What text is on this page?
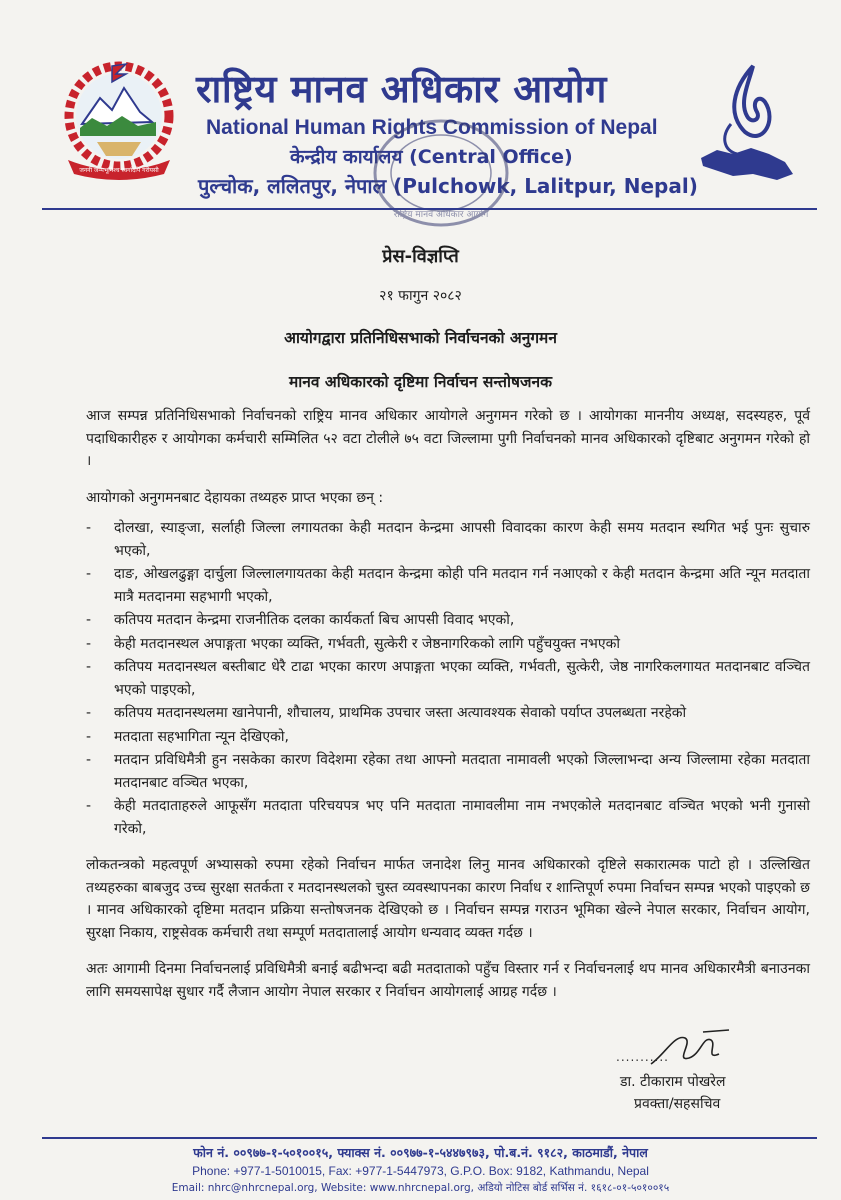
जननी जन्मभूमिश्च स्वर्गादपि गरीयसी
राष्ट्रिय मानव अधिकार आयोग
National Human Rights Commission of Nepal
केन्द्रीय कार्यालय (Central Office)
पुल्चोक, ललितपुर, नेपाल (Pulchowk, Lalitpur, Nepal)
राष्ट्रिय मानव अधिकार आयोग
प्रेस-विज्ञप्ति
२१ फागुन २०८२
आयोगद्वारा प्रतिनिधिसभाको निर्वाचनको अनुगमन
मानव अधिकारको दृष्टिमा निर्वाचन सन्तोषजनक

आज सम्पन्न प्रतिनिधिसभाको निर्वाचनको राष्ट्रिय मानव अधिकार आयोगले अनुगमन गरेको छ । आयोगका माननीय अध्यक्ष, सदस्यहरु, पूर्व पदाधिकारीहरु र आयोगका कर्मचारी सम्मिलित ५२ वटा टोलीले ७५ वटा जिल्लामा पुगी निर्वाचनको मानव अधिकारको दृष्टिबाट अनुगमन गरेको हो ।

आयोगको अनुगमनबाट देहायका तथ्यहरु प्राप्त भएका छन् :

- दोलखा, स्याङ्जा, सर्लाही जिल्ला लगायतका केही मतदान केन्द्रमा आपसी विवादका कारण केही समय मतदान स्थगित भई पुनः सुचारु भएको,
- दाङ, ओखलढुङ्गा दार्चुला जिल्लालगायतका केही मतदान केन्द्रमा कोही पनि मतदान गर्न नआएको र केही मतदान केन्द्रमा अति न्यून मतदाता मात्रै मतदानमा सहभागी भएको,
- कतिपय मतदान केन्द्रमा राजनीतिक दलका कार्यकर्ता बिच आपसी विवाद भएको,
- केही मतदानस्थल अपाङ्गता भएका व्यक्ति, गर्भवती, सुत्केरी र जेष्ठनागरिकको लागि पहुँचयुक्त नभएको
- कतिपय मतदानस्थल बस्तीबाट धेरै टाढा भएका कारण अपाङ्गता भएका व्यक्ति, गर्भवती, सुत्केरी, जेष्ठ नागरिकलगायत मतदानबाट वञ्चित भएको पाइएको,
- कतिपय मतदानस्थलमा खानेपानी, शौचालय, प्राथमिक उपचार जस्ता अत्यावश्यक सेवाको पर्याप्त उपलब्धता नरहेको
- मतदाता सहभागिता न्यून देखिएको,
- मतदान प्रविधिमैत्री हुन नसकेका कारण विदेशमा रहेका तथा आफ्नो मतदाता नामावली भएको जिल्लाभन्दा अन्य जिल्लामा रहेका मतदाता मतदानबाट वञ्चित भएका,
- केही मतदाताहरुले आफूसँग मतदाता परिचयपत्र भए पनि मतदाता नामावलीमा नाम नभएकोले मतदानबाट वञ्चित भएको भनी गुनासो गरेको,

लोकतन्त्रको महत्वपूर्ण अभ्यासको रुपमा रहेको निर्वाचन मार्फत जनादेश लिनु मानव अधिकारको दृष्टिले सकारात्मक पाटो हो । उल्लिखित तथ्यहरुका बाबजुद उच्च सुरक्षा सतर्कता र मतदानस्थलको चुस्त व्यवस्थापनका कारण निर्वाध र शान्तिपूर्ण रुपमा निर्वाचन सम्पन्न भएको पाइएको छ । मानव अधिकारको दृष्टिमा मतदान प्रक्रिया सन्तोषजनक देखिएको छ । निर्वाचन सम्पन्न गराउन भूमिका खेल्ने नेपाल सरकार, निर्वाचन आयोग, सुरक्षा निकाय, राष्ट्रसेवक कर्मचारी तथा सम्पूर्ण मतदातालाई आयोग धन्यवाद व्यक्त गर्दछ ।

अतः आगामी दिनमा निर्वाचनलाई प्रविधिमैत्री बनाई बढीभन्दा बढी मतदाताको पहुँच विस्तार गर्न र निर्वाचनलाई थप मानव अधिकारमैत्री बनाउनका लागि समयसापेक्ष सुधार गर्दै लैजान आयोग नेपाल सरकार र निर्वाचन आयोगलाई आग्रह गर्दछ ।

...........
डा. टीकाराम पोखरेल
प्रवक्ता/सहसचिव
फोन नं. ००९७७-१-५०१००१५, फ्याक्स नं. ००९७७-१-५४४७९७३, पो.ब.नं. ९१८२, काठमाडौं, नेपाल
Phone: +977-1-5010015, Fax: +977-1-5447973, G.P.O. Box: 9182, Kathmandu, Nepal
Email: nhrc@nhrcnepal.org, Website: www.nhrcnepal.org, अडियो नोटिस बोर्ड सर्भिस नं. १६१८-०१-५०१००१५
